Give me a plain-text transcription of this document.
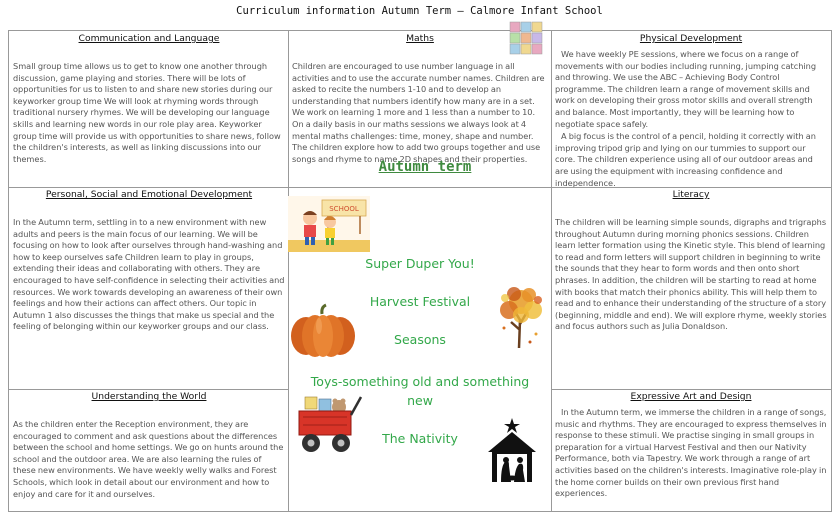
Curriculum information Autumn Term – Calmore Infant School
Communication and Language

Small group time allows us to get to know one another through discussion, game playing and stories. There will be lots of opportunities for us to listen to and share new stories during our keyworker group time We will look at rhyming words through traditional nursery rhymes. We will be developing our language skills and learning new words in our role play area. Keyworker group time will provide us with opportunities to share news, follow the children's interests, as well as linking discussions into our themes.

Maths

Children are encouraged to use number language in all activities and to use the accurate number names. Children are asked to recite the numbers 1-10 and to develop an understanding that numbers identify how many are in a set. We work on learning 1 more and 1 less than a number to 10. On a daily basis in our maths sessions we always look at 4 mental maths challenges: time, money, shape and number. The children explore how to add two groups together and use songs and rhyme to name 2D shapes and their properties.

Physical Development

We have weekly PE sessions, where we focus on a range of movements with our bodies including running, jumping catching and throwing. We use the ABC – Achieving Body Control programme. The children learn a range of movement skills and work on developing their gross motor skills and overall strength and balance. Most importantly, they will be learning how to negotiate space safely.

A big focus is the control of a pencil, holding it correctly with an improving tripod grip and lying on our tummies to support our core. The children experience using all of our outdoor areas and are using the equipment with increasing confidence and independence.

Personal, Social and Emotional Development

In the Autumn term, settling in to a new environment with new adults and peers is the main focus of our learning. We will be focusing on how to look after ourselves through hand-washing and how to keep ourselves safe Children learn to play in groups, extending their ideas and collaborating with others. They are encouraged to have self-confidence in selecting their activities and resources. We work towards developing an awareness of their own feelings and how their actions can affect others. Our topic in Autumn 1 also discusses the things that make us special and the feeling of belonging within our keyworker groups and our class.

Literacy

The children will be learning simple sounds, digraphs and trigraphs throughout Autumn during morning phonics sessions. Children learn letter formation using the Kinetic style. This blend of learning to read and form letters will support children in beginning to write the sounds that they hear to form words and then onto short phrases. In addition, the children will be starting to read at home with books that match their phonics ability. This will help them to read and to enhance their understanding of the structure of a story (beginning, middle and end). We will explore rhyme, weekly stories and focus authors such as Julia Donaldson.

Understanding the World

As the children enter the Reception environment, they are encouraged to comment and ask questions about the differences between the school and home settings. We go on hunts around the school and the outdoor area. We are also learning the rules of these new environments. We have weekly welly walks and Forest Schools, which look in detail about our environment and how to enjoy and care for it and ourselves.

Expressive Art and Design

In the Autumn term, we immerse the children in a range of songs, music and rhythms. They are encouraged to express themselves in response to these stimuli. We practise singing in small groups in preparation for a virtual Harvest Festival and then our Nativity Performance, both via Tapestry. We work through a range of art activities based on the children's interests. Imaginative role-play in the home corner builds on their own previous first hand experiences.

Autumn term
Super Duper You!
Harvest Festival
Seasons
Toys-something old and something new
The Nativity
SCHOOL
